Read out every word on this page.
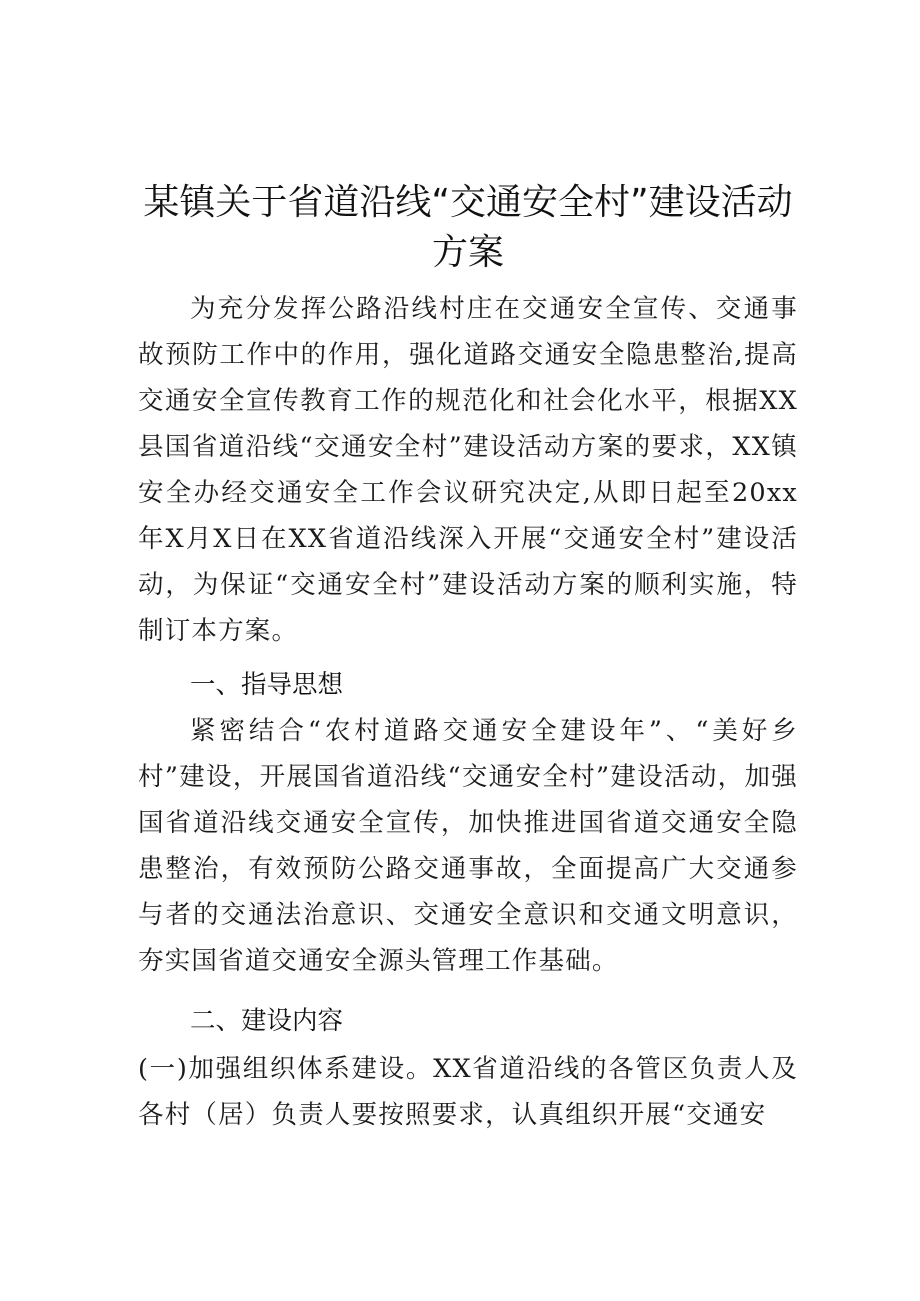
某镇关于省道沿线“交通安全村”建设活动
方案

为充分发挥公路沿线村庄在交通安全宣传、交通事故预防工作中的作用，强化道路交通安全隐患整治,提高交通安全宣传教育工作的规范化和社会化水平，根据XX县国省道沿线“交通安全村”建设活动方案的要求，XX镇安全办经交通安全工作会议研究决定,从即日起至20xx年X月X日在XX省道沿线深入开展“交通安全村”建设活动，为保证“交通安全村”建设活动方案的顺利实施，特制订本方案。

一、指导思想

紧密结合“农村道路交通安全建设年”、“美好乡村”建设，开展国省道沿线“交通安全村”建设活动，加强国省道沿线交通安全宣传，加快推进国省道交通安全隐患整治，有效预防公路交通事故，全面提高广大交通参与者的交通法治意识、交通安全意识和交通文明意识，夯实国省道交通安全源头管理工作基础。

二、建设内容

(一)加强组织体系建设。XX省道沿线的各管区负责人及各村（居）负责人要按照要求，认真组织开展“交通安
